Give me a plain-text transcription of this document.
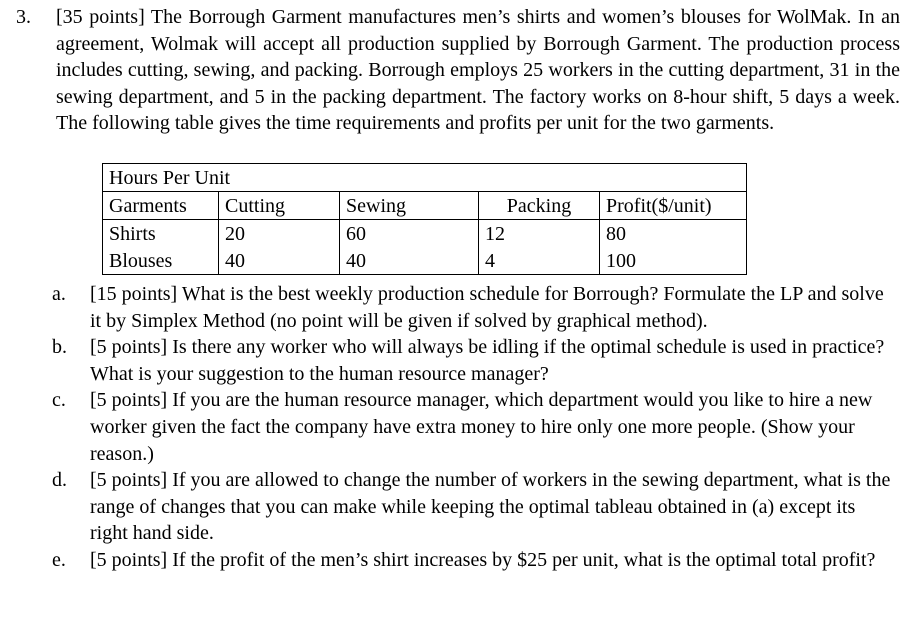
3.	[35 points] The Borrough Garment manufactures men’s shirts and women’s blouses for WolMak. In an agreement, Wolmak will accept all production supplied by Borrough Garment. The production process includes cutting, sewing, and packing. Borrough employs 25 workers in the cutting department, 31 in the sewing department, and 5 in the packing department. The factory works on 8-hour shift, 5 days a week. The following table gives the time requirements and profits per unit for the two garments.
Hours Per Unit				
Garments	Cutting	Sewing	Packing	Profit($/unit)
Shirts	20	60	12	80
Blouses	40	40	4	100
a.	[15 points] What is the best weekly production schedule for Borrough? Formulate the LP and solve it by Simplex Method (no point will be given if solved by graphical method).
b.	[5 points] Is there any worker who will always be idling if the optimal schedule is used in practice? What is your suggestion to the human resource manager?
c.	[5 points] If you are the human resource manager, which department would you like to hire a new worker given the fact the company have extra money to hire only one more people. (Show your reason.)
d.	[5 points] If you are allowed to change the number of workers in the sewing department, what is the range of changes that you can make while keeping the optimal tableau obtained in (a) except its right hand side.
e.	[5 points] If the profit of the men’s shirt increases by $25 per unit, what is the optimal total profit?
